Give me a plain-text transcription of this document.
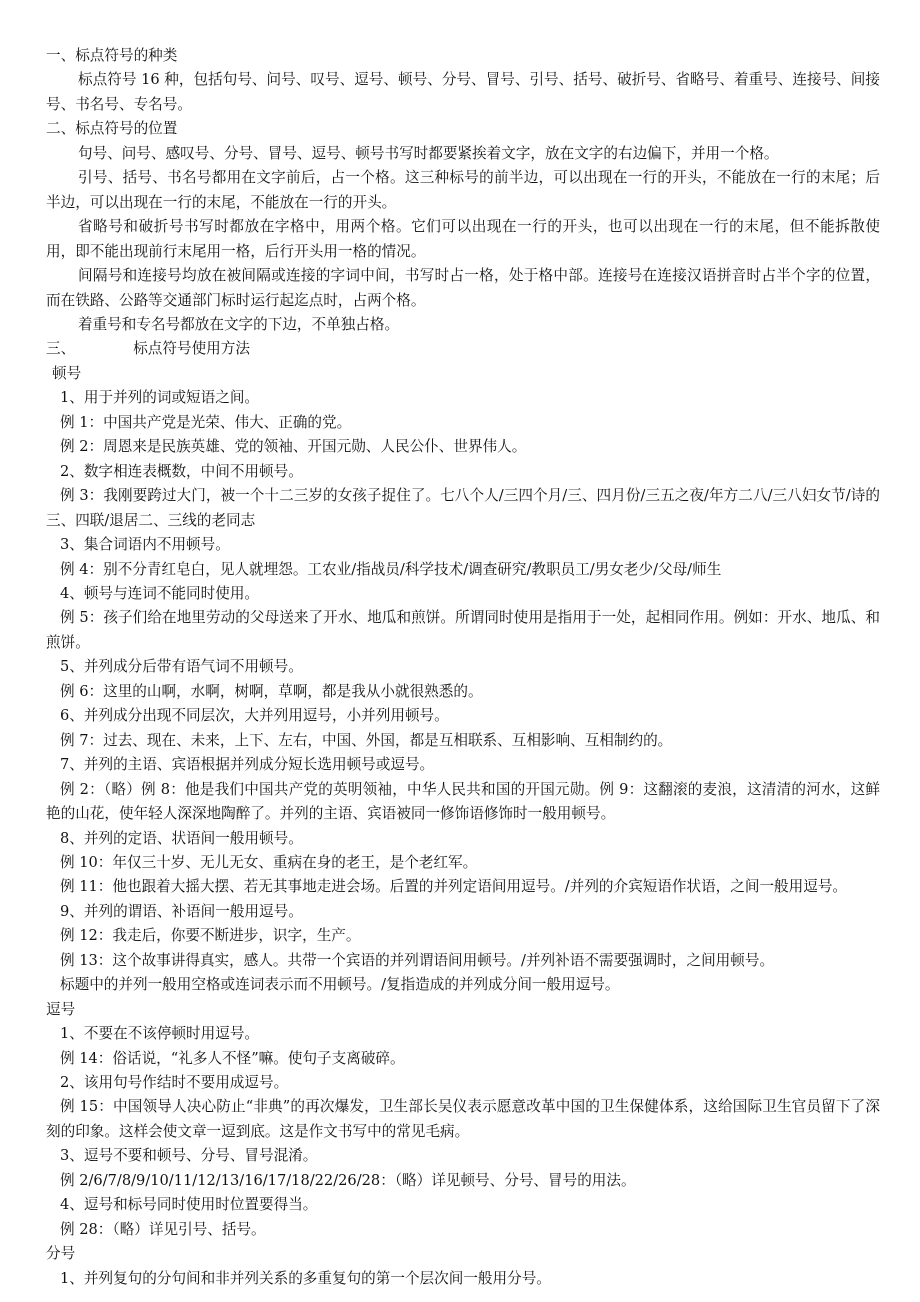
一、标点符号的种类

标点符号 16 种，包括句号、问号、叹号、逗号、顿号、分号、冒号、引号、括号、破折号、省略号、着重号、连接号、间接号、书名号、专名号。

二、标点符号的位置

句号、问号、感叹号、分号、冒号、逗号、顿号书写时都要紧挨着文字，放在文字的右边偏下，并用一个格。

引号、括号、书名号都用在文字前后，占一个格。这三种标号的前半边，可以出现在一行的开头，不能放在一行的末尾；后半边，可以出现在一行的末尾，不能放在一行的开头。

省略号和破折号书写时都放在字格中，用两个格。它们可以出现在一行的开头，也可以出现在一行的末尾，但不能拆散使用，即不能出现前行末尾用一格，后行开头用一格的情况。

间隔号和连接号均放在被间隔或连接的字词中间，书写时占一格，处于格中部。连接号在连接汉语拼音时占半个字的位置，而在铁路、公路等交通部门标时运行起迄点时，占两个格。

着重号和专名号都放在文字的下边，不单独占格。

三、	标点符号使用方法

顿号

1、用于并列的词或短语之间。

例 1：中国共产党是光荣、伟大、正确的党。

例 2：周恩来是民族英雄、党的领袖、开国元勋、人民公仆、世界伟人。

2、数字相连表概数，中间不用顿号。

例 3：我刚要跨过大门，被一个十二三岁的女孩子捉住了。七八个人/三四个月/三、四月份/三五之夜/年方二八/三八妇女节/诗的三、四联/退居二、三线的老同志

3、集合词语内不用顿号。

例 4：别不分青红皂白，见人就埋怨。工农业/指战员/科学技术/调查研究/教职员工/男女老少/父母/师生

4、顿号与连词不能同时使用。

例 5：孩子们给在地里劳动的父母送来了开水、地瓜和煎饼。所谓同时使用是指用于一处，起相同作用。例如：开水、地瓜、和煎饼。

5、并列成分后带有语气词不用顿号。

例 6：这里的山啊，水啊，树啊，草啊，都是我从小就很熟悉的。

6、并列成分出现不同层次，大并列用逗号，小并列用顿号。

例 7：过去、现在、未来，上下、左右，中国、外国，都是互相联系、互相影响、互相制约的。

7、并列的主语、宾语根据并列成分短长选用顿号或逗号。

例 2：（略）例 8：他是我们中国共产党的英明领袖，中华人民共和国的开国元勋。例 9：这翻滚的麦浪，这清清的河水，这鲜艳的山花，使年轻人深深地陶醉了。并列的主语、宾语被同一修饰语修饰时一般用顿号。

8、并列的定语、状语间一般用顿号。

例 10：年仅三十岁、无儿无女、重病在身的老王，是个老红军。

例 11：他也跟着大摇大摆、若无其事地走进会场。后置的并列定语间用逗号。/并列的介宾短语作状语，之间一般用逗号。

9、并列的谓语、补语间一般用逗号。

例 12：我走后，你要不断进步，识字，生产。

例 13：这个故事讲得真实，感人。共带一个宾语的并列谓语间用顿号。/并列补语不需要强调时，之间用顿号。

标题中的并列一般用空格或连词表示而不用顿号。/复指造成的并列成分间一般用逗号。

逗号

1、不要在不该停顿时用逗号。

例 14：俗话说，“礼多人不怪”嘛。使句子支离破碎。

2、该用句号作结时不要用成逗号。

例 15：中国领导人决心防止“非典”的再次爆发，卫生部长吴仪表示愿意改革中国的卫生保健体系，这给国际卫生官员留下了深刻的印象。这样会使文章一逗到底。这是作文书写中的常见毛病。

3、逗号不要和顿号、分号、冒号混淆。

例 2/6/7/8/9/10/11/12/13/16/17/18/22/26/28：（略）详见顿号、分号、冒号的用法。

4、逗号和标号同时使用时位置要得当。

例 28：（略）详见引号、括号。

分号

1、并列复句的分句间和非并列关系的多重复句的第一个层次间一般用分号。
